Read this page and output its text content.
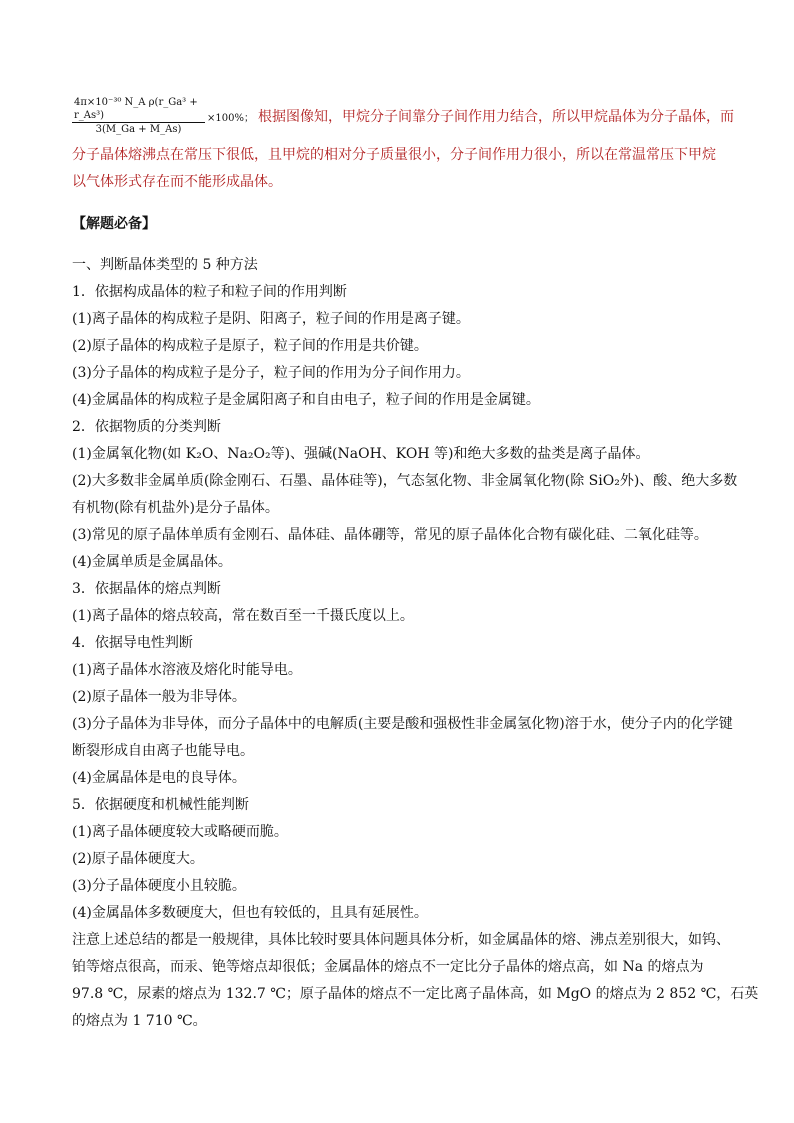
$\frac{\text{4π×10⁻³⁰ N\_A ρ(r\_Ga³ + r\_As³)}}{3(M\_Ga + M\_As)} \times 100\%$； 根据图像知，甲烷分子间靠分子间作用力结合，所以甲烷晶体为分子晶体，而

分子晶体熔沸点在常压下很低，且甲烷的相对分子质量很小，分子间作用力很小，所以在常温常压下甲烷

以气体形式存在而不能形成晶体。

【解题必备】

一、判断晶体类型的 5 种方法

1．依据构成晶体的粒子和粒子间的作用判断

(1)离子晶体的构成粒子是阴、阳离子，粒子间的作用是离子键。

(2)原子晶体的构成粒子是原子，粒子间的作用是共价键。

(3)分子晶体的构成粒子是分子，粒子间的作用为分子间作用力。

(4)金属晶体的构成粒子是金属阳离子和自由电子，粒子间的作用是金属键。

2．依据物质的分类判断

(1)金属氧化物(如 K₂O、Na₂O₂等)、强碱(NaOH、KOH 等)和绝大多数的盐类是离子晶体。

(2)大多数非金属单质(除金刚石、石墨、晶体硅等)，气态氢化物、非金属氧化物(除 SiO₂外)、酸、绝大多数

有机物(除有机盐外)是分子晶体。

(3)常见的原子晶体单质有金刚石、晶体硅、晶体硼等，常见的原子晶体化合物有碳化硅、二氧化硅等。

(4)金属单质是金属晶体。

3．依据晶体的熔点判断

(1)离子晶体的熔点较高，常在数百至一千摄氏度以上。

4．依据导电性判断

(1)离子晶体水溶液及熔化时能导电。

(2)原子晶体一般为非导体。

(3)分子晶体为非导体，而分子晶体中的电解质(主要是酸和强极性非金属氢化物)溶于水，使分子内的化学键

断裂形成自由离子也能导电。

(4)金属晶体是电的良导体。

5．依据硬度和机械性能判断

(1)离子晶体硬度较大或略硬而脆。

(2)原子晶体硬度大。

(3)分子晶体硬度小且较脆。

(4)金属晶体多数硬度大，但也有较低的，且具有延展性。

注意上述总结的都是一般规律，具体比较时要具体问题具体分析，如金属晶体的熔、沸点差别很大，如钨、

铂等熔点很高，而汞、铯等熔点却很低；金属晶体的熔点不一定比分子晶体的熔点高，如 Na 的熔点为

97.8 ℃，尿素的熔点为 132.7 ℃；原子晶体的熔点不一定比离子晶体高，如 MgO 的熔点为 2 852 ℃，石英

的熔点为 1 710 ℃。
